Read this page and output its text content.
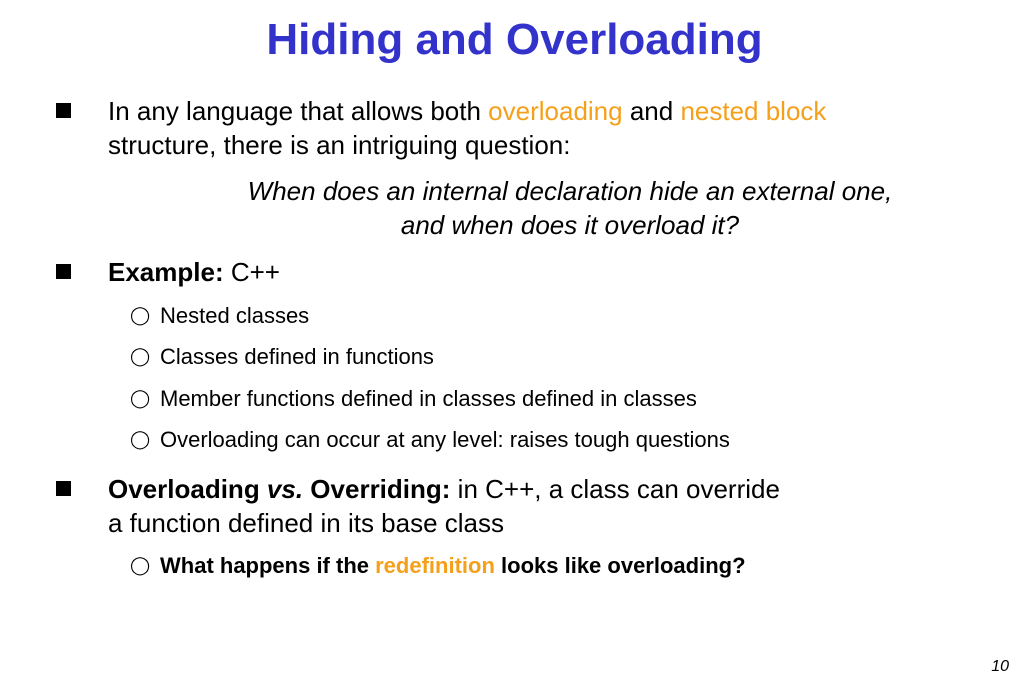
Hiding and Overloading
In any language that allows both overloading and nested block
structure, there is an intriguing question:
When does an internal declaration hide an external one,
and when does it overload it?
Example: C++
◯ Nested classes
◯ Classes defined in functions
◯ Member functions defined in classes defined in classes
◯ Overloading can occur at any level: raises tough questions
Overloading vs. Overriding: in C++, a class can override
a function defined in its base class
◯ What happens if the redefinition looks like overloading?
10
